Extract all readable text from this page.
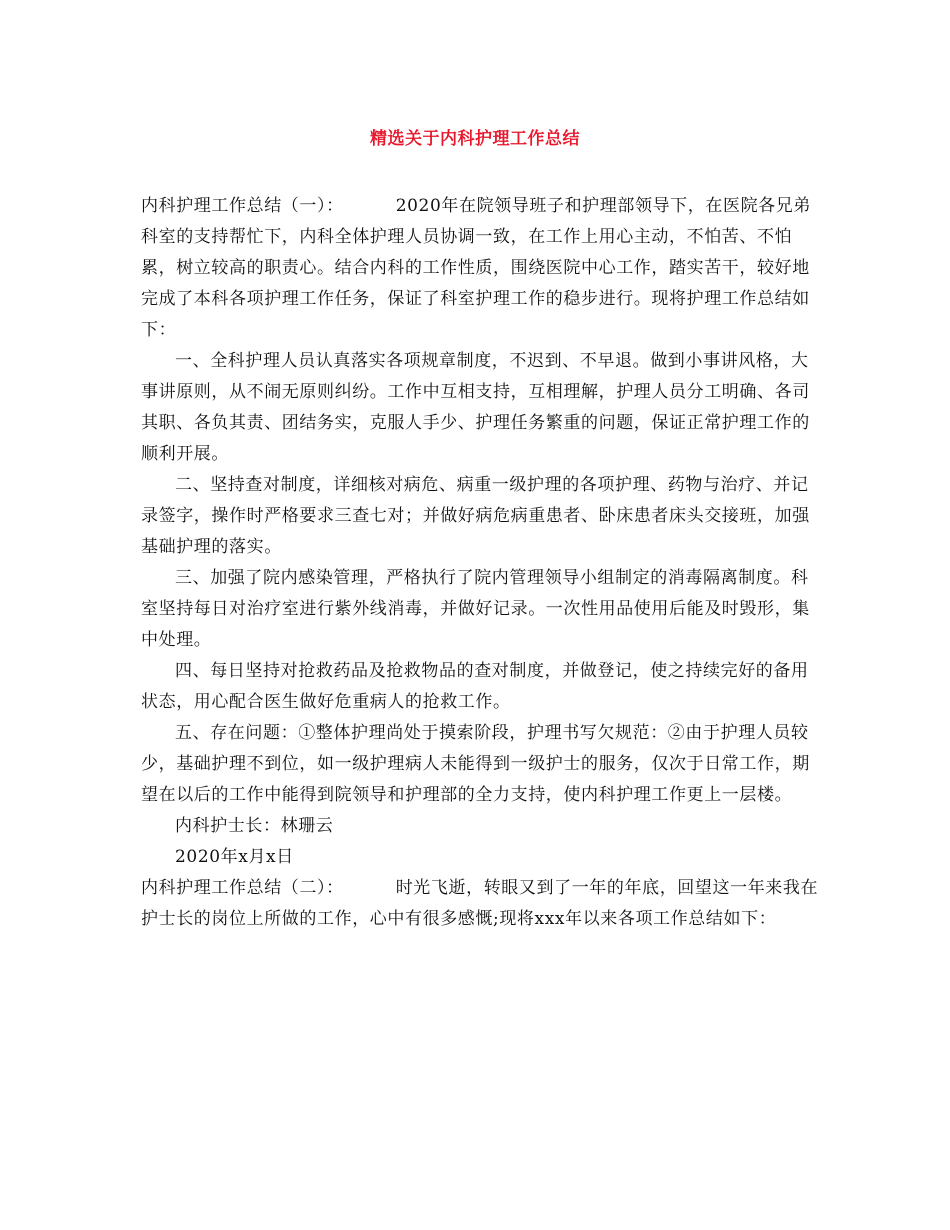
精选关于内科护理工作总结

内科护理工作总结（一）：	2020年在院领导班子和护理部领导下，在医院各兄弟科室的支持帮忙下，内科全体护理人员协调一致，在工作上用心主动，不怕苦、不怕累，树立较高的职责心。结合内科的工作性质，围绕医院中心工作，踏实苦干，较好地完成了本科各项护理工作任务，保证了科室护理工作的稳步进行。现将护理工作总结如下：

一、全科护理人员认真落实各项规章制度，不迟到、不早退。做到小事讲风格，大事讲原则，从不闹无原则纠纷。工作中互相支持，互相理解，护理人员分工明确、各司其职、各负其责、团结务实，克服人手少、护理任务繁重的问题，保证正常护理工作的顺利开展。

二、坚持查对制度，详细核对病危、病重一级护理的各项护理、药物与治疗、并记录签字，操作时严格要求三查七对；并做好病危病重患者、卧床患者床头交接班，加强基础护理的落实。

三、加强了院内感染管理，严格执行了院内管理领导小组制定的消毒隔离制度。科室坚持每日对治疗室进行紫外线消毒，并做好记录。一次性用品使用后能及时毁形，集中处理。

四、每日坚持对抢救药品及抢救物品的查对制度，并做登记，使之持续完好的备用状态，用心配合医生做好危重病人的抢救工作。

五、存在问题：①整体护理尚处于摸索阶段，护理书写欠规范：②由于护理人员较少，基础护理不到位，如一级护理病人未能得到一级护士的服务，仅次于日常工作，期望在以后的工作中能得到院领导和护理部的全力支持，使内科护理工作更上一层楼。

内科护士长：林珊云

2020年x月x日

内科护理工作总结（二）：	时光飞逝，转眼又到了一年的年底，回望这一年来我在护士长的岗位上所做的工作，心中有很多感慨;现将xxx年以来各项工作总结如下：
